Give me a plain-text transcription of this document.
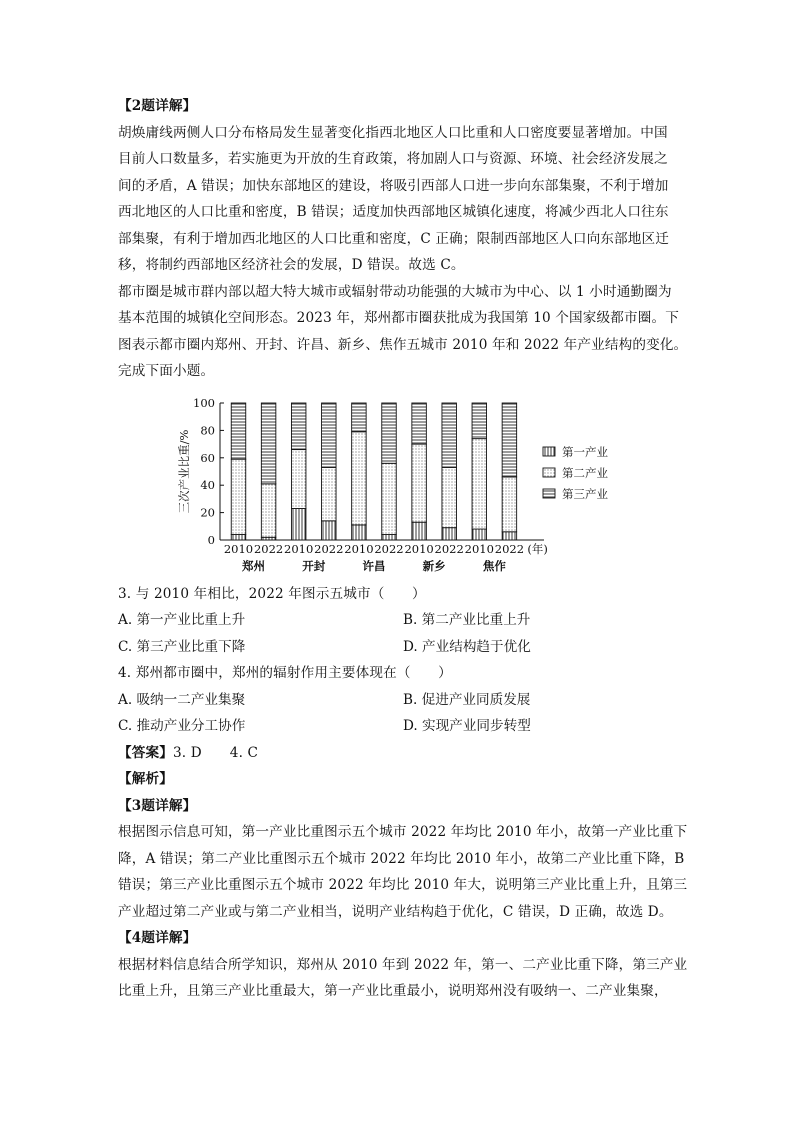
【2题详解】
胡焕庸线两侧人口分布格局发生显著变化指西北地区人口比重和人口密度要显著增加。中国
目前人口数量多，若实施更为开放的生育政策，将加剧人口与资源、环境、社会经济发展之
间的矛盾，A 错误；加快东部地区的建设，将吸引西部人口进一步向东部集聚，不利于增加
西北地区的人口比重和密度，B 错误；适度加快西部地区城镇化速度，将减少西北人口往东
部集聚，有利于增加西北地区的人口比重和密度，C 正确；限制西部地区人口向东部地区迁
移，将制约西部地区经济社会的发展，D 错误。故选 C。
都市圈是城市群内部以超大特大城市或辐射带动功能强的大城市为中心、以 1 小时通勤圈为
基本范围的城镇化空间形态。2023 年，郑州都市圈获批成为我国第 10 个国家级都市圈。下
图表示都市圈内郑州、开封、许昌、新乡、焦作五城市 2010 年和 2022 年产业结构的变化。
完成下面小题。
3. 与 2010 年相比，2022 年图示五城市（　　）
A. 第一产业比重上升	B. 第二产业比重上升
C. 第三产业比重下降	D. 产业结构趋于优化
4. 郑州都市圈中，郑州的辐射作用主要体现在（　　）
A. 吸纳一二产业集聚	B. 促进产业同质发展
C. 推动产业分工协作	D. 实现产业同步转型
【答案】3. D 4. C
【解析】
【3题详解】
根据图示信息可知，第一产业比重图示五个城市 2022 年均比 2010 年小，故第一产业比重下
降，A 错误；第二产业比重图示五个城市 2022 年均比 2010 年小，故第二产业比重下降，B
错误；第三产业比重图示五个城市 2022 年均比 2010 年大，说明第三产业比重上升，且第三
产业超过第二产业或与第二产业相当，说明产业结构趋于优化，C 错误，D 正确，故选 D。
【4题详解】
根据材料信息结合所学知识，郑州从 2010 年到 2022 年，第一、二产业比重下降，第三产业
比重上升，且第三产业比重最大，第一产业比重最小，说明郑州没有吸纳一、二产业集聚，
0
20
40
60
80
100
三次产业比重/%
2010 2022 2010 2022 2010 2022 2010 2022 2010 2022 (年)
郑州	开封	许昌	新乡	焦作
第一产业
第二产业
第三产业
